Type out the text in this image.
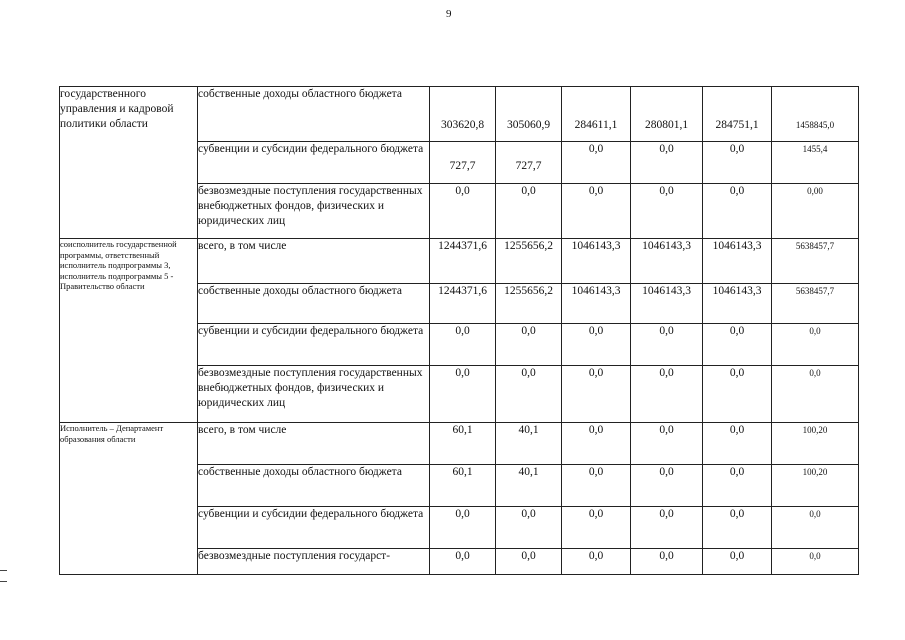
9
государственного управления и кадровой политики области	собственные доходы областного бюджета	303620,8	305060,9	284611,1	280801,1	284751,1	1458845,0
	субвенции и субсидии федерального бюджета	727,7	727,7	0,0	0,0	0,0	1455,4
	безвозмездные поступления государственных внебюджетных фондов, физических и юридических лиц	0,0	0,0	0,0	0,0	0,0	0,00
соисполнитель государственной программы, ответственный исполнитель подпрограммы 3, исполнитель подпрограммы 5 - Правительство области	всего, в том числе	1244371,6	1255656,2	1046143,3	1046143,3	1046143,3	5638457,7
	собственные доходы областного бюджета	1244371,6	1255656,2	1046143,3	1046143,3	1046143,3	5638457,7
	субвенции и субсидии федерального бюджета	0,0	0,0	0,0	0,0	0,0	0,0
	безвозмездные поступления государственных внебюджетных фондов, физических и юридических лиц	0,0	0,0	0,0	0,0	0,0	0,0
Исполнитель – Департамент образования области	всего, в том числе	60,1	40,1	0,0	0,0	0,0	100,20
	собственные доходы областного бюджета	60,1	40,1	0,0	0,0	0,0	100,20
	субвенции и субсидии федерального бюджета	0,0	0,0	0,0	0,0	0,0	0,0
	безвозмездные поступления государст-	0,0	0,0	0,0	0,0	0,0	0,0
